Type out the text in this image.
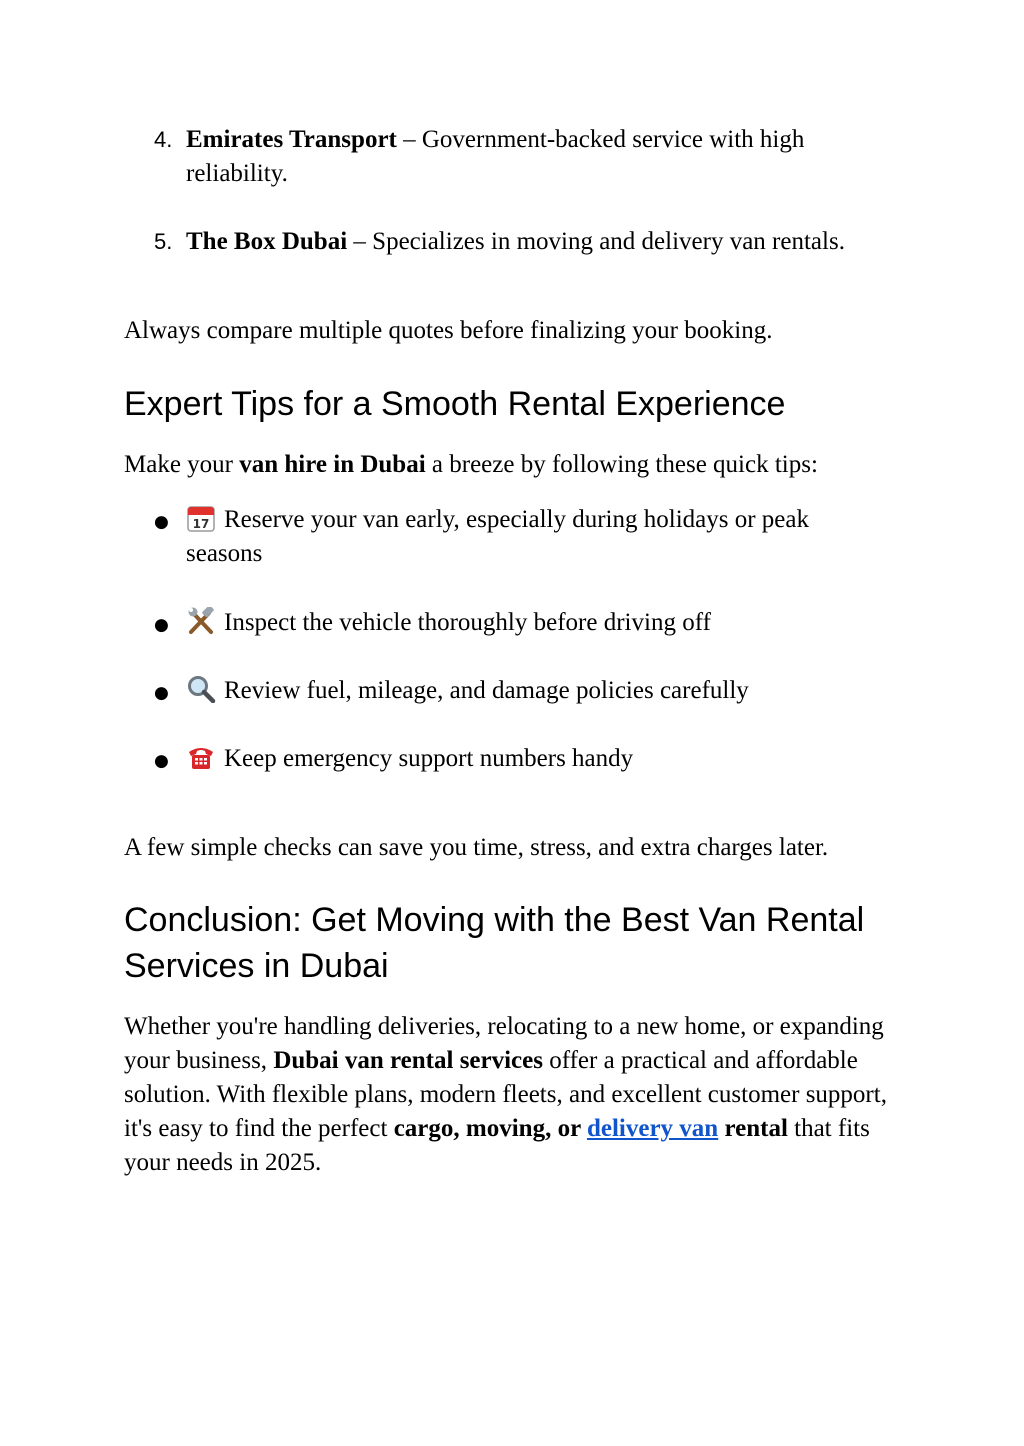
4. Emirates Transport – Government-backed service with high reliability.

5. The Box Dubai – Specializes in moving and delivery van rentals.

Always compare multiple quotes before finalizing your booking.

Expert Tips for a Smooth Rental Experience

Make your van hire in Dubai a breeze by following these quick tips:

● 17 Reserve your van early, especially during holidays or peak seasons

●	Inspect the vehicle thoroughly before driving off

●	Review fuel, mileage, and damage policies carefully

●	Keep emergency support numbers handy

A few simple checks can save you time, stress, and extra charges later.

Conclusion: Get Moving with the Best Van Rental Services in Dubai

Whether you're handling deliveries, relocating to a new home, or expanding your business, Dubai van rental services offer a practical and affordable solution. With flexible plans, modern fleets, and excellent customer support, it's easy to find the perfect cargo, moving, or delivery van rental that fits your needs in 2025.
